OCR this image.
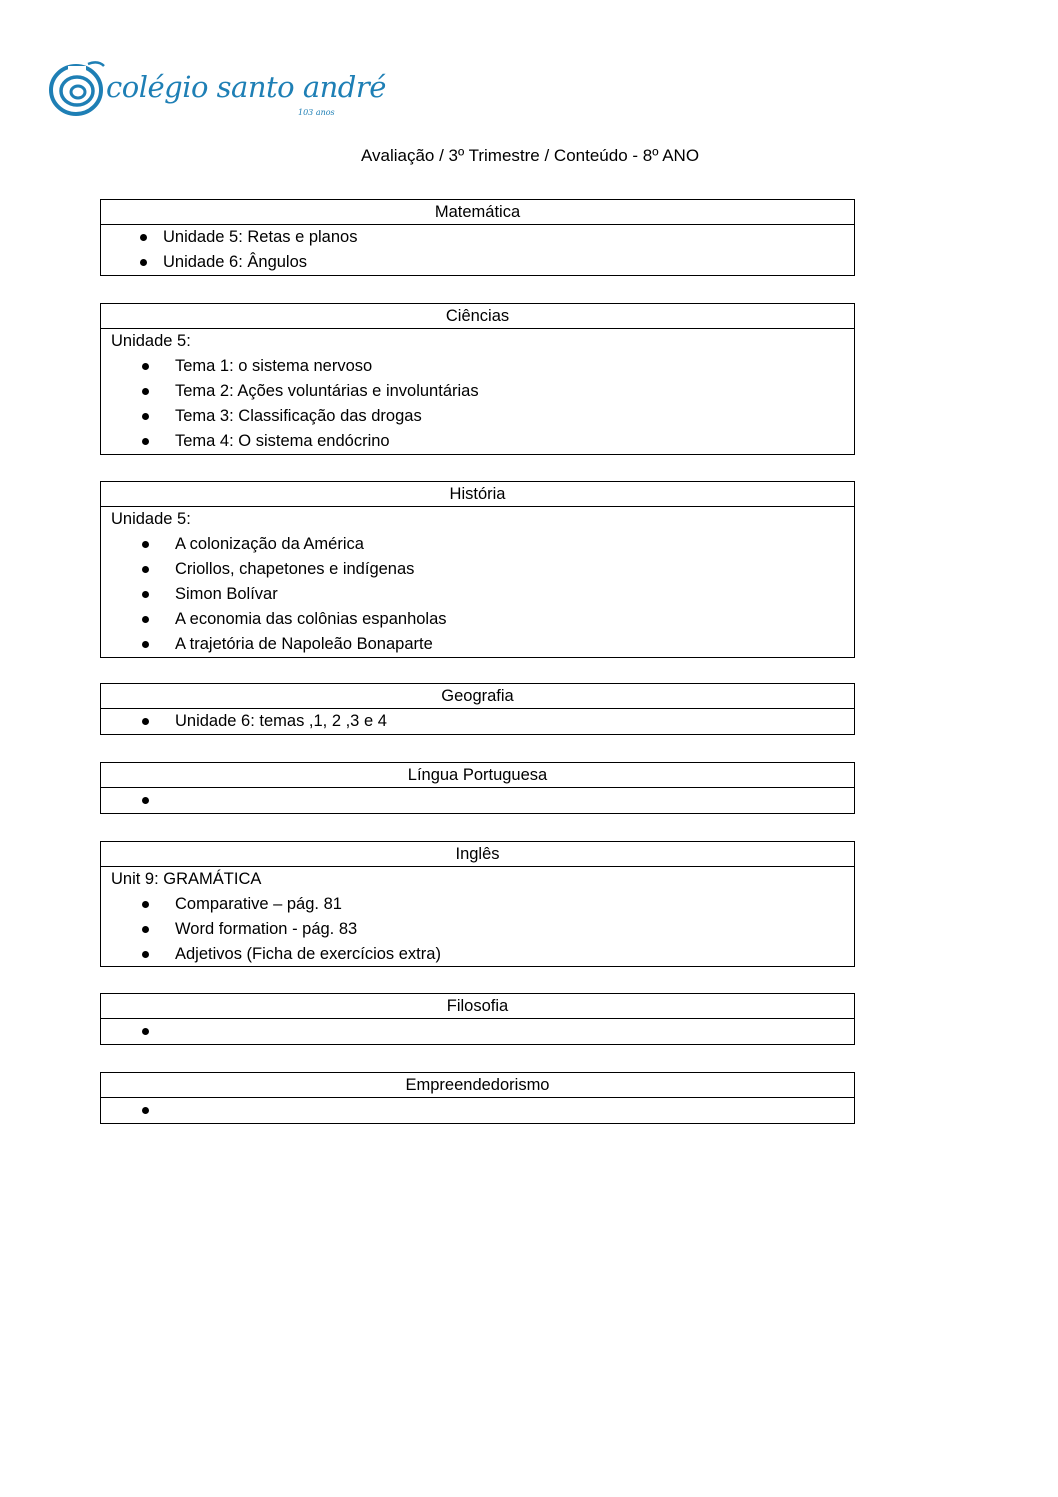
colégio santo andré
103 anos
Avaliação / 3º Trimestre / Conteúdo - 8º ANO
Matemática
Unidade 5: Retas e planos
Unidade 6: Ângulos
Ciências
Unidade 5:
Tema 1: o sistema nervoso
Tema 2: Ações voluntárias e involuntárias
Tema 3: Classificação das drogas
Tema 4: O sistema endócrino
História
Unidade 5:
A colonização da América
Criollos, chapetones e indígenas
Simon Bolívar
A economia das colônias espanholas
A trajetória de Napoleão Bonaparte
Geografia
Unidade 6: temas ,1, 2 ,3 e 4
Língua Portuguesa
Inglês
Unit 9: GRAMÁTICA
Comparative – pág. 81
Word formation - pág. 83
Adjetivos (Ficha de exercícios extra)
Filosofia
Empreendedorismo
